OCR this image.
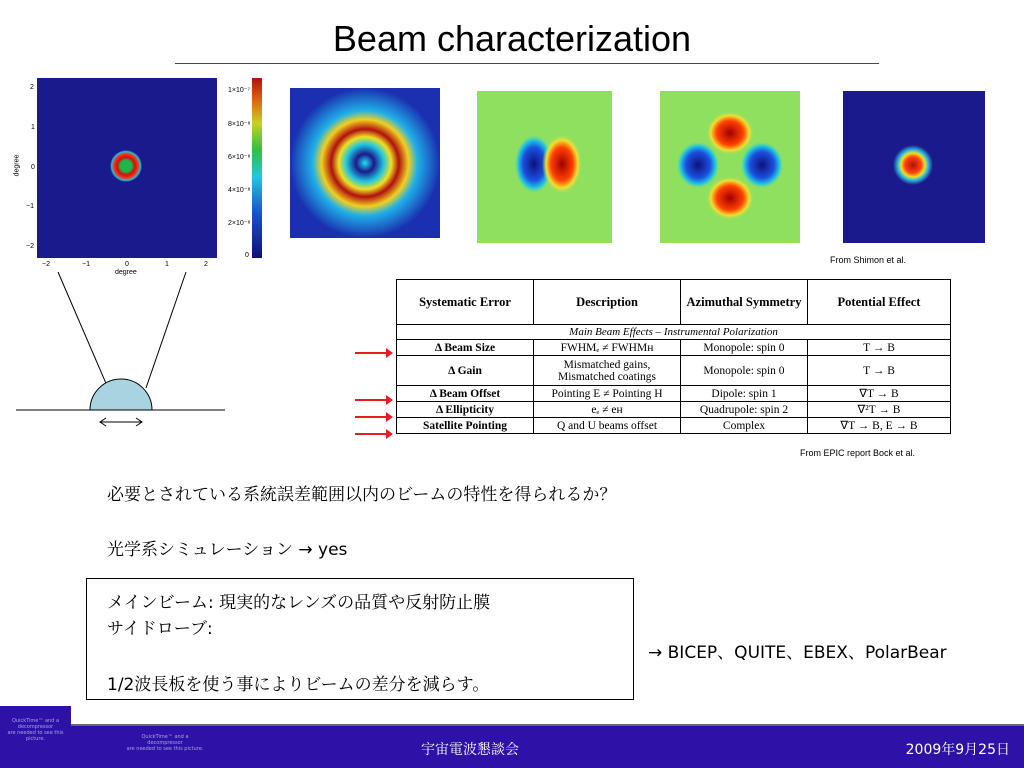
Beam characterization
2
1
0
−1
−2
degree
−2	−1	0	1	2
degree
1×10⁻⁷
8×10⁻⁸
6×10⁻⁸
4×10⁻⁸
2×10⁻⁸
0	From Shimon et al.
Systematic Error	Description	Azimuthal Symmetry	Potential Effect
Main Beam Effects – Instrumental Polarization			
Δ Beam Size	FWHMₑ ≠ FWHMʜ	Monopole: spin 0	T → B
Δ Gain	Mismatched gains, Mismatched coatings	Monopole: spin 0	T → B
Δ Beam Offset	Pointing E ≠ Pointing H	Dipole: spin 1	∇T → B
Δ Ellipticity	eₑ ≠ eʜ	Quadrupole: spin 2	∇²T → B
Satellite Pointing	Q and U beams offset	Complex	∇T → B, E → B
From EPIC report Bock et al.
必要とされている系統誤差範囲以内のビームの特性を得られるか？
光学系シミュレーション → yes
メインビーム: 現実的なレンズの品質や反射防止膜
サイドローブ:
1/2波長板を使う事によりビームの差分を減らす。
→ BICEP、QUITE、EBEX、PolarBear
QuickTime™ and a
decompressor
are needed to see this picture.	QuickTime™ and a
decompressor
are needed to see this picture.	宇宙電波懇談会	2009年9月25日
